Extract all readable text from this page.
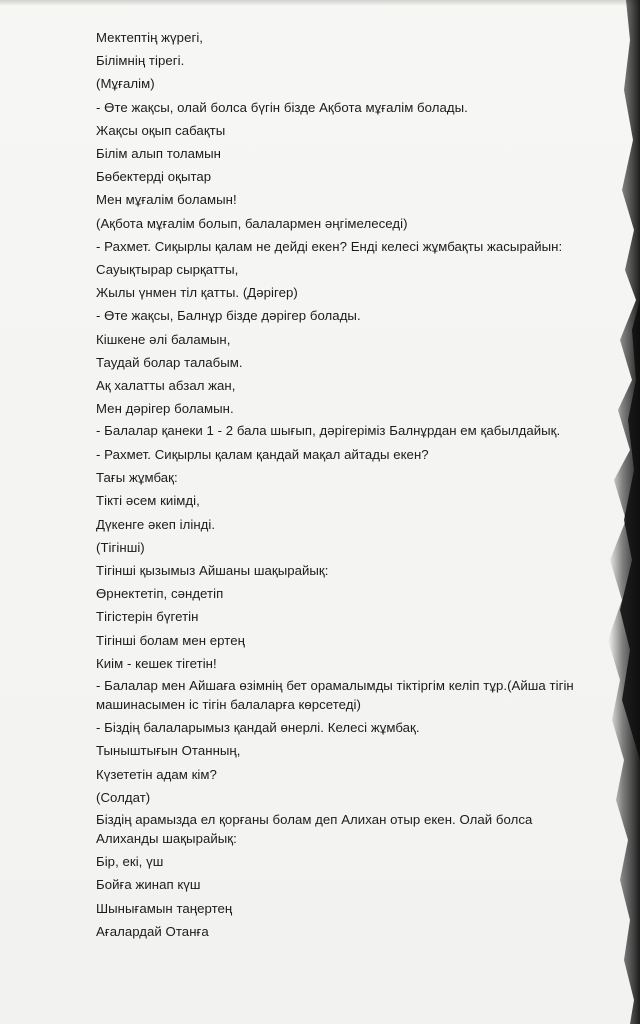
Мектептің жүрегі,

Білімнің тірегі.

(Мұғалім)

- Өте жақсы, олай болса бүгін бізде Ақбота мұғалім болады.

Жақсы оқып сабақты

Білім алып толамын

Бөбектерді оқытар

Мен мұғалім боламын!

(Ақбота мұғалім болып, балалармен әңгімелеседі)

- Рахмет. Сиқырлы қалам не дейді екен? Енді келесі жұмбақты жасырайын:

Сауықтырар сырқатты,

Жылы үнмен тіл қатты. (Дәрігер)

- Өте жақсы, Балнұр бізде дәрігер болады.

Кішкене әлі баламын,

Таудай болар талабым.

Ақ халатты абзал жан,

Мен дәрігер боламын.

- Балалар қанеки 1 - 2 бала шығып, дәрігеріміз Балнұрдан ем қабылдайық.

- Рахмет. Сиқырлы қалам қандай мақал айтады екен?

Тағы жұмбақ:

Тікті әсем киімді,

Дүкенге әкеп ілінді.

(Тігінші)

Тігінші қызымыз Айшаны шақырайық:

Өрнектетіп, сәндетіп

Тігістерін бүгетін

Тігінші болам мен ертең

Киім - кешек тігетін!

- Балалар мен Айшаға өзімнің бет орамалымды тіктіргім келіп тұр.(Айша тігін машинасымен іс тігін балаларға көрсетеді)

- Біздің балаларымыз қандай өнерлі. Келесі жұмбақ.

Тыныштығын Отанның,

Күзететін адам кім?

(Солдат)

Біздің арамызда ел қорғаны болам деп Алихан отыр екен. Олай болса Алиханды шақырайық:

Бір, екі, үш

Бойға жинап күш

Шынығамын таңертең

Ағалардай Отанға
